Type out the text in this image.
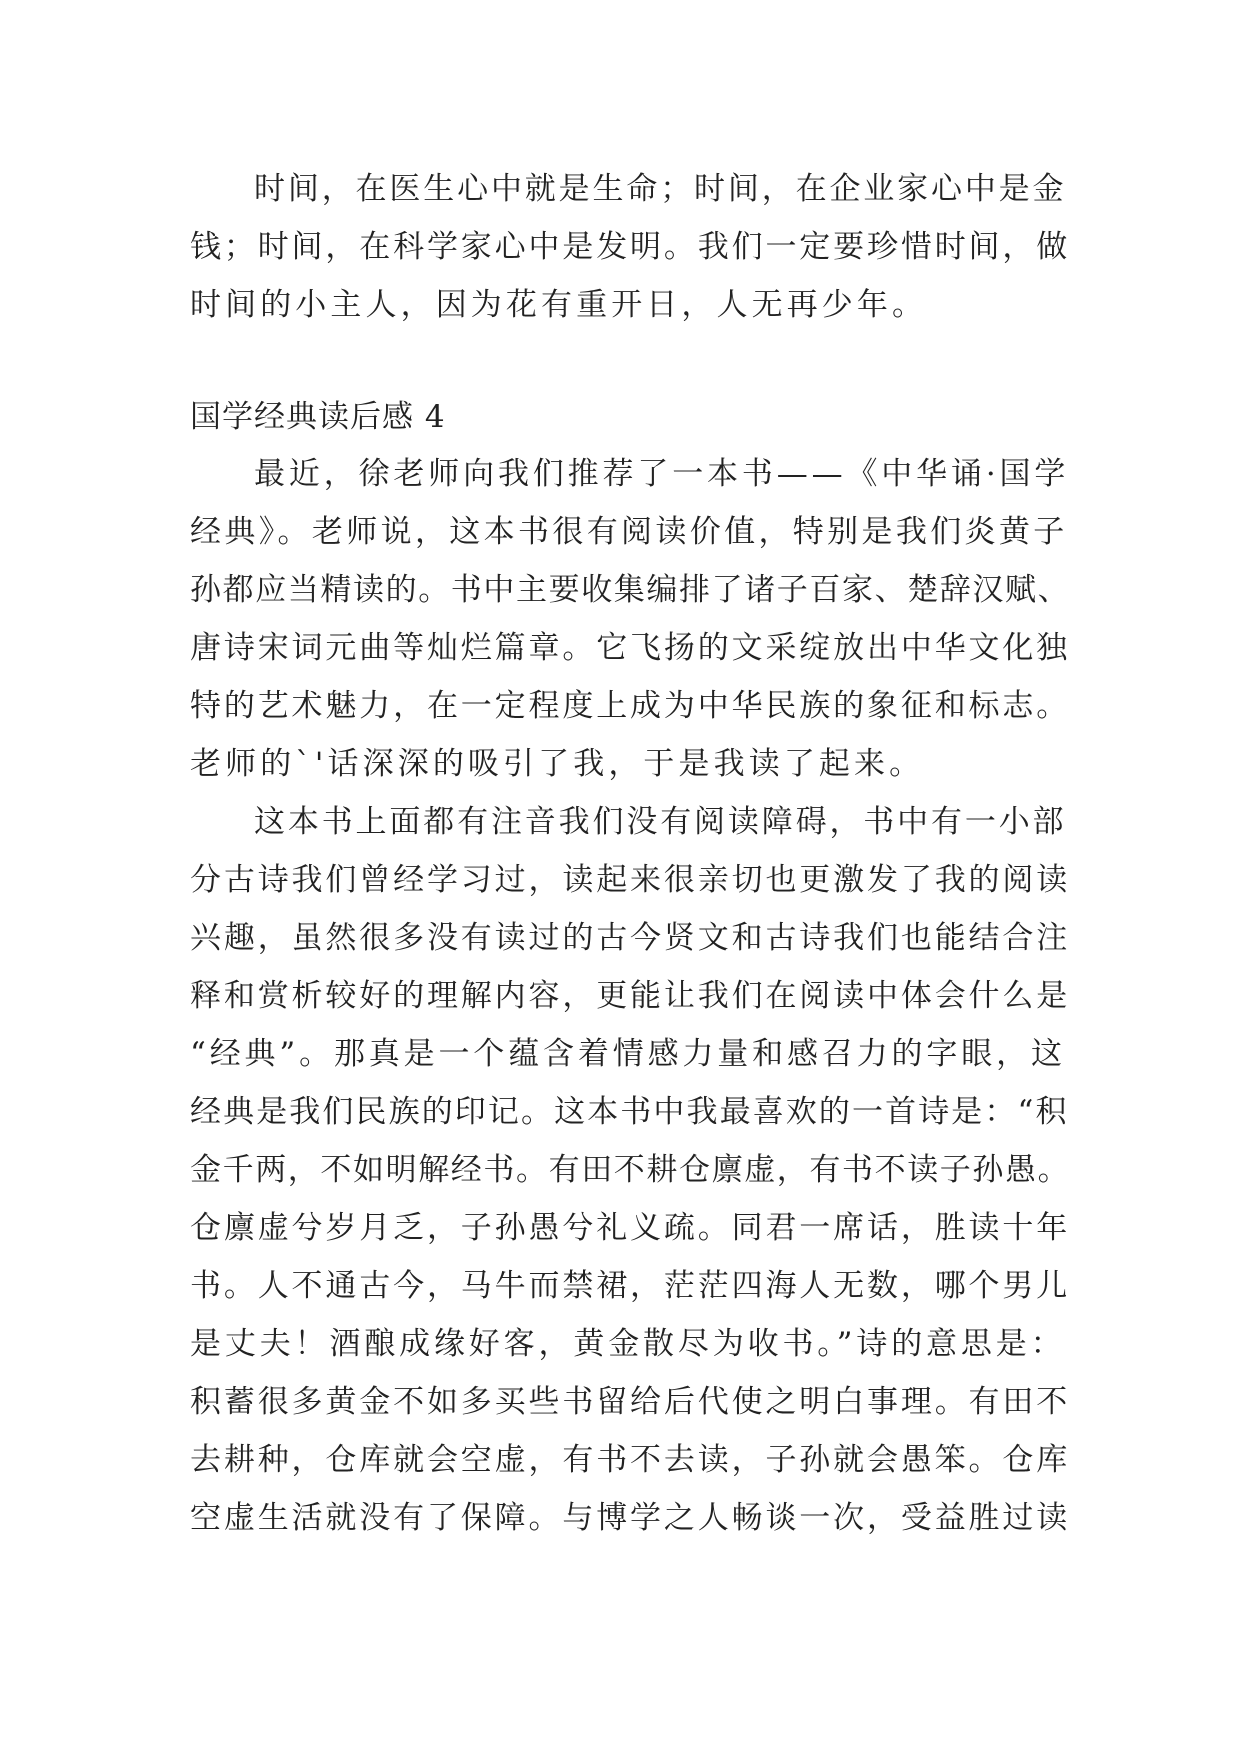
时间，在医生心中就是生命；时间，在企业家心中是金
钱；时间，在科学家心中是发明。我们一定要珍惜时间，做
时间的小主人，因为花有重开日，人无再少年。
国学经典读后感 4
最近，徐老师向我们推荐了一本书——《中华诵·国学
经典》。老师说，这本书很有阅读价值，特别是我们炎黄子
孙都应当精读的。书中主要收集编排了诸子百家、楚辞汉赋、
唐诗宋词元曲等灿烂篇章。它飞扬的文采绽放出中华文化独
特的艺术魅力，在一定程度上成为中华民族的象征和标志。
老师的`'话深深的吸引了我，于是我读了起来。
这本书上面都有注音我们没有阅读障碍，书中有一小部
分古诗我们曾经学习过，读起来很亲切也更激发了我的阅读
兴趣，虽然很多没有读过的古今贤文和古诗我们也能结合注
释和赏析较好的理解内容，更能让我们在阅读中体会什么是
“经典”。那真是一个蕴含着情感力量和感召力的字眼，这
经典是我们民族的印记。这本书中我最喜欢的一首诗是：“积
金千两，不如明解经书。有田不耕仓廪虚，有书不读子孙愚。
仓廪虚兮岁月乏，子孙愚兮礼义疏。同君一席话，胜读十年
书。人不通古今，马牛而禁裙，茫茫四海人无数，哪个男儿
是丈夫！酒酿成缘好客，黄金散尽为收书。”诗的意思是：
积蓄很多黄金不如多买些书留给后代使之明白事理。有田不
去耕种，仓库就会空虚，有书不去读，子孙就会愚笨。仓库
空虚生活就没有了保障。与博学之人畅谈一次，受益胜过读
